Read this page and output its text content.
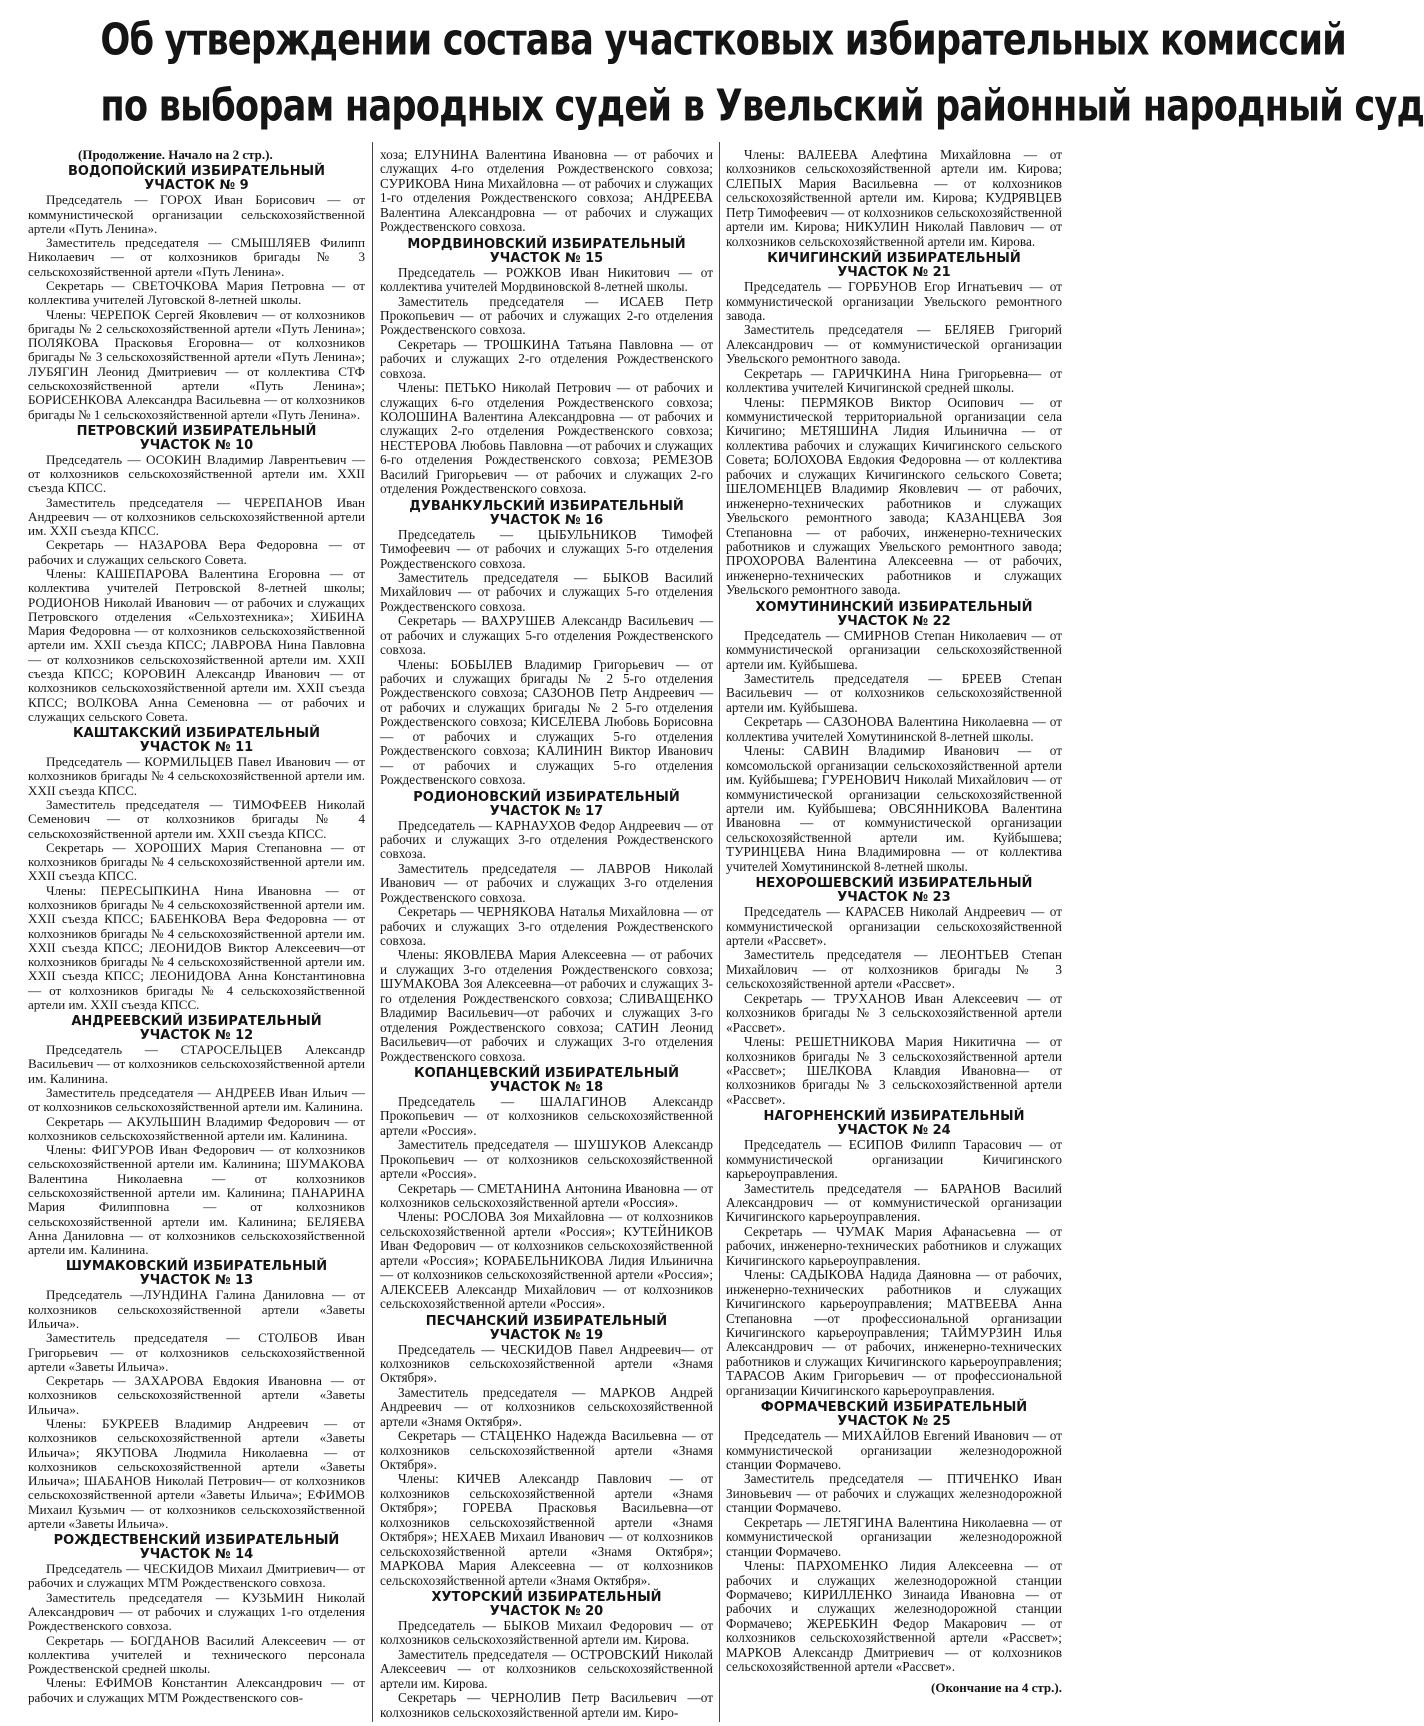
Об утверждении состава участковых избирательных комиссий
по выборам народных судей в Увельский районный народный суд
(Продолжение. Начало на 2 стр.).
ВОДОПОЙСКИЙ ИЗБИРАТЕЛЬНЫЙ
УЧАСТОК № 9

Председатель — ГОРОХ Иван Борисович — от коммунистической организации сельскохозяйственной артели «Путь Ленина».

Заместитель председателя — СМЫШЛЯЕВ Филипп Николаевич — от колхозников бригады № 3 сельскохозяйственной артели «Путь Ленина».

Секретарь — СВЕТОЧКОВА Мария Петровна — от коллектива учителей Луговской 8-летней школы.

Члены: ЧЕРЕПОК Сергей Яковлевич — от колхозников бригады № 2 сельскохозяйственной артели «Путь Ленина»; ПОЛЯКОВА Прасковья Егоровна— от колхозников бригады № 3 сельскохозяйственной артели «Путь Ленина»; ЛУБЯГИН Леонид Дмитриевич — от коллектива СТФ сельскохозяйственной артели «Путь Ленина»; БОРИСЕНКОВА Александра Васильевна — от колхозников бригады № 1 сельскохозяйственной артели «Путь Ленина».

ПЕТРОВСКИЙ ИЗБИРАТЕЛЬНЫЙ
УЧАСТОК № 10

Председатель — ОСОКИН Владимир Лаврентьевич — от колхозников сельскохозяйственной артели им. XXII съезда КПСС.

Заместитель председателя — ЧЕРЕПАНОВ Иван Андреевич — от колхозников сельскохозяйственной артели им. XXII съезда КПСС.

Секретарь — НАЗАРОВА Вера Федоровна — от рабочих и служащих сельского Совета.

Члены: КАШЕПАРОВА Валентина Егоровна — от коллектива учителей Петровской 8-летней школы; РОДИОНОВ Николай Иванович — от рабочих и служащих Петровского отделения «Сельхозтехника»; ХИБИНА Мария Федоровна — от колхозников сельскохозяйственной артели им. XXII съезда КПСС; ЛАВРОВА Нина Павловна — от колхозников сельскохозяйственной артели им. XXII съезда КПСС; КОРОВИН Александр Иванович — от колхозников сельскохозяйственной артели им. XXII съезда КПСС; ВОЛКОВА Анна Семеновна — от рабочих и служащих сельского Совета.

КАШТАКСКИЙ ИЗБИРАТЕЛЬНЫЙ
УЧАСТОК № 11

Председатель — КОРМИЛЬЦЕВ Павел Иванович — от колхозников бригады № 4 сельскохозяйственной артели им. XXII съезда КПСС.

Заместитель председателя — ТИМОФЕЕВ Николай Семенович — от колхозников бригады № 4 сельскохозяйственной артели им. XXII съезда КПСС.

Секретарь — ХОРОШИХ Мария Степановна — от колхозников бригады № 4 сельскохозяйственной артели им. XXII съезда КПСС.

Члены: ПЕРЕСЫПКИНА Нина Ивановна — от колхозников бригады № 4 сельскохозяйственной артели им. XXII съезда КПСС; БАБЕНКОВА Вера Федоровна — от колхозников бригады № 4 сельскохозяйственной артели им. XXII съезда КПСС; ЛЕОНИДОВ Виктор Алексеевич—от колхозников бригады № 4 сельскохозяйственной артели им. XXII съезда КПСС; ЛЕОНИДОВА Анна Константиновна — от колхозников бригады № 4 сельскохозяйственной артели им. XXII съезда КПСС.

АНДРЕЕВСКИЙ ИЗБИРАТЕЛЬНЫЙ
УЧАСТОК № 12

Председатель — СТАРОСЕЛЬЦЕВ Александр Васильевич — от колхозников сельскохозяйственной артели им. Калинина.

Заместитель председателя — АНДРЕЕВ Иван Ильич — от колхозников сельскохозяйственной артели им. Калинина.

Секретарь — АКУЛЬШИН Владимир Федорович — от колхозников сельскохозяйственной артели им. Калинина.

Члены: ФИГУРОВ Иван Федорович — от колхозников сельскохозяйственной артели им. Калинина; ШУМАКОВА Валентина Николаевна — от колхозников сельскохозяйственной артели им. Калинина; ПАНАРИНА Мария Филипповна — от колхозников сельскохозяйственной артели им. Калинина; БЕЛЯЕВА Анна Даниловна — от колхозников сельскохозяйственной артели им. Калинина.

ШУМАКОВСКИЙ ИЗБИРАТЕЛЬНЫЙ
УЧАСТОК № 13

Председатель —ЛУНДИНА Галина Даниловна — от колхозников сельскохозяйственной артели «Заветы Ильича».

Заместитель председателя — СТОЛБОВ Иван Григорьевич — от колхозников сельскохозяйственной артели «Заветы Ильича».

Секретарь — ЗАХАРОВА Евдокия Ивановна — от колхозников сельскохозяйственной артели «Заветы Ильича».

Члены: БУКРЕЕВ Владимир Андреевич — от колхозников сельскохозяйственной артели «Заветы Ильича»; ЯКУПОВА Людмила Николаевна — от колхозников сельскохозяйственной артели «Заветы Ильича»; ШАБАНОВ Николай Петрович— от колхозников сельскохозяйственной артели «Заветы Ильича»; ЕФИМОВ Михаил Кузьмич — от колхозников сельскохозяйственной артели «Заветы Ильича».

РОЖДЕСТВЕНСКИЙ ИЗБИРАТЕЛЬНЫЙ
УЧАСТОК № 14

Председатель — ЧЕСКИДОВ Михаил Дмитриевич— от рабочих и служащих МТМ Рождественского совхоза.

Заместитель председателя — КУЗЬМИН Николай Александрович — от рабочих и служащих 1-го отделения Рождественского совхоза.

Секретарь — БОГДАНОВ Василий Алексеевич — от коллектива учителей и технического персонала Рождественской средней школы.

Члены: ЕФИМОВ Константин Александрович — от рабочих и служащих МТМ Рождественского сов-

хоза; ЕЛУНИНА Валентина Ивановна — от рабочих и служащих 4-го отделения Рождественского совхоза; СУРИКОВА Нина Михайловна — от рабочих и служащих 1-го отделения Рождественского совхоза; АНДРЕЕВА Валентина Александровна — от рабочих и служащих Рождественского совхоза.

МОРДВИНОВСКИЙ ИЗБИРАТЕЛЬНЫЙ
УЧАСТОК № 15

Председатель — РОЖКОВ Иван Никитович — от коллектива учителей Мордвиновской 8-летней школы.

Заместитель председателя — ИСАЕВ Петр Прокопьевич — от рабочих и служащих 2-го отделения Рождественского совхоза.

Секретарь — ТРОШКИНА Татьяна Павловна — от рабочих и служащих 2-го отделения Рождественского совхоза.

Члены: ПЕТЬКО Николай Петрович — от рабочих и служащих 6-го отделения Рождественского совхоза; КОЛОШИНА Валентина Александровна — от рабочих и служащих 2-го отделения Рождественского совхоза; НЕСТЕРОВА Любовь Павловна —от рабочих и служащих 6-го отделения Рождественского совхоза; РЕМЕЗОВ Василий Григорьевич — от рабочих и служащих 2-го отделения Рождественского совхоза.

ДУВАНКУЛЬСКИЙ ИЗБИРАТЕЛЬНЫЙ
УЧАСТОК № 16

Председатель — ЦЫБУЛЬНИКОВ Тимофей Тимофеевич — от рабочих и служащих 5-го отделения Рождественского совхоза.

Заместитель председателя — БЫКОВ Василий Михайлович — от рабочих и служащих 5-го отделения Рождественского совхоза.

Секретарь — ВАХРУШЕВ Александр Васильевич — от рабочих и служащих 5-го отделения Рождественского совхоза.

Члены: БОБЫЛЕВ Владимир Григорьевич — от рабочих и служащих бригады № 2 5-го отделения Рождественского совхоза; САЗОНОВ Петр Андреевич — от рабочих и служащих бригады № 2 5-го отделения Рождественского совхоза; КИСЕЛЕВА Любовь Борисовна — от рабочих и служащих 5-го отделения Рождественского совхоза; КАЛИНИН Виктор Иванович — от рабочих и служащих 5-го отделения Рождественского совхоза.

РОДИОНОВСКИЙ ИЗБИРАТЕЛЬНЫЙ
УЧАСТОК № 17

Председатель — КАРНАУХОВ Федор Андреевич — от рабочих и служащих 3-го отделения Рождественского совхоза.

Заместитель председателя — ЛАВРОВ Николай Иванович — от рабочих и служащих 3-го отделения Рождественского совхоза.

Секретарь — ЧЕРНЯКОВА Наталья Михайловна — от рабочих и служащих 3-го отделения Рождественского совхоза.

Члены: ЯКОВЛЕВА Мария Алексеевна — от рабочих и служащих 3-го отделения Рождественского совхоза; ШУМАКОВА Зоя Алексеевна—от рабочих и служащих 3-го отделения Рождественского совхоза; СЛИВАЩЕНКО Владимир Васильевич—от рабочих и служащих 3-го отделения Рождественского совхоза; САТИН Леонид Васильевич—от рабочих и служащих 3-го отделения Рождественского совхоза.

КОПАНЦЕВСКИЙ ИЗБИРАТЕЛЬНЫЙ
УЧАСТОК № 18

Председатель — ШАЛАГИНОВ Александр Прокопьевич — от колхозников сельскохозяйственной артели «Россия».

Заместитель председателя — ШУШУКОВ Александр Прокопьевич — от колхозников сельскохозяйственной артели «Россия».

Секретарь — СМЕТАНИНА Антонина Ивановна — от колхозников сельскохозяйственной артели «Россия».

Члены: РОСЛОВА Зоя Михайловна — от колхозников сельскохозяйственной артели «Россия»; КУТЕЙНИКОВ Иван Федорович — от колхозников сельскохозяйственной артели «Россия»; КОРАБЕЛЬНИКОВА Лидия Ильинична — от колхозников сельскохозяйственной артели «Россия»; АЛЕКСЕЕВ Александр Михайлович — от колхозников сельскохозяйственной артели «Россия».

ПЕСЧАНСКИЙ ИЗБИРАТЕЛЬНЫЙ
УЧАСТОК № 19

Председатель — ЧЕСКИДОВ Павел Андреевич— от колхозников сельскохозяйственной артели «Знамя Октября».

Заместитель председателя — МАРКОВ Андрей Андреевич — от колхозников сельскохозяйственной артели «Знамя Октября».

Секретарь — СТАЦЕНКО Надежда Васильевна — от колхозников сельскохозяйственной артели «Знамя Октября».

Члены: КИЧЕВ Александр Павлович — от колхозников сельскохозяйственной артели «Знамя Октября»; ГОРЕВА Прасковья Васильевна—от колхозников сельскохозяйственной артели «Знамя Октября»; НЕХАЕВ Михаил Иванович — от колхозников сельскохозяйственной артели «Знамя Октября»; МАРКОВА Мария Алексеевна — от колхозников сельскохозяйственной артели «Знамя Октября».

ХУТОРСКИЙ ИЗБИРАТЕЛЬНЫЙ
УЧАСТОК № 20

Председатель — БЫКОВ Михаил Федорович — от колхозников сельскохозяйственной артели им. Кирова.

Заместитель председателя — ОСТРОВСКИЙ Николай Алексеевич — от колхозников сельскохозяйственной артели им. Кирова.

Секретарь — ЧЕРНОЛИВ Петр Васильевич —от колхозников сельскохозяйственной артели им. Киро-

Члены: ВАЛЕЕВА Алефтина Михайловна — от колхозников сельскохозяйственной артели им. Кирова; СЛЕПЫХ Мария Васильевна — от колхозников сельскохозяйственной артели им. Кирова; КУДРЯВЦЕВ Петр Тимофеевич — от колхозников сельскохозяйственной артели им. Кирова; НИКУЛИН Николай Павлович — от колхозников сельскохозяйственной артели им. Кирова.

КИЧИГИНСКИЙ ИЗБИРАТЕЛЬНЫЙ
УЧАСТОК № 21

Председатель — ГОРБУНОВ Егор Игнатьевич — от коммунистической организации Увельского ремонтного завода.

Заместитель председателя — БЕЛЯЕВ Григорий Александрович — от коммунистической организации Увельского ремонтного завода.

Секретарь — ГАРИЧКИНА Нина Григорьевна— от коллектива учителей Кичигинской средней школы.

Члены: ПЕРМЯКОВ Виктор Осипович — от коммунистической территориальной организации села Кичигино; МЕТЯШИНА Лидия Ильинична — от коллектива рабочих и служащих Кичигинского сельского Совета; БОЛОХОВА Евдокия Федоровна — от коллектива рабочих и служащих Кичигинского сельского Совета; ШЕЛОМЕНЦЕВ Владимир Яковлевич — от рабочих, инженерно-технических работников и служащих Увельского ремонтного завода; КАЗАНЦЕВА Зоя Степановна — от рабочих, инженерно-технических работников и служащих Увельского ремонтного завода; ПРОХОРОВА Валентина Алексеевна — от рабочих, инженерно-технических работников и служащих Увельского ремонтного завода.

ХОМУТИНИНСКИЙ ИЗБИРАТЕЛЬНЫЙ
УЧАСТОК № 22

Председатель — СМИРНОВ Степан Николаевич — от коммунистической организации сельскохозяйственной артели им. Куйбышева.

Заместитель председателя — БРЕЕВ Степан Васильевич — от колхозников сельскохозяйственной артели им. Куйбышева.

Секретарь — САЗОНОВА Валентина Николаевна — от коллектива учителей Хомутининской 8-летней школы.

Члены: САВИН Владимир Иванович — от комсомольской организации сельскохозяйственной артели им. Куйбышева; ГУРЕНОВИЧ Николай Михайлович — от коммунистической организации сельскохозяйственной артели им. Куйбышева; ОВСЯННИКОВА Валентина Ивановна — от коммунистической организации сельскохозяйственной артели им. Куйбышева; ТУРИНЦЕВА Нина Владимировна — от коллектива учителей Хомутининской 8-летней школы.

НЕХОРОШЕВСКИЙ ИЗБИРАТЕЛЬНЫЙ
УЧАСТОК № 23

Председатель — КАРАСЕВ Николай Андреевич — от коммунистической организации сельскохозяйственной артели «Рассвет».

Заместитель председателя — ЛЕОНТЬЕВ Степан Михайлович — от колхозников бригады № 3 сельскохозяйственной артели «Рассвет».

Секретарь — ТРУХАНОВ Иван Алексеевич — от колхозников бригады № 3 сельскохозяйственной артели «Рассвет».

Члены: РЕШЕТНИКОВА Мария Никитична — от колхозников бригады № 3 сельскохозяйственной артели «Рассвет»; ШЕЛКОВА Клавдия Ивановна— от колхозников бригады № 3 сельскохозяйственной артели «Рассвет».

НАГОРНЕНСКИЙ ИЗБИРАТЕЛЬНЫЙ
УЧАСТОК № 24

Председатель — ЕСИПОВ Филипп Тарасович — от коммунистической организации Кичигинского карьероуправления.

Заместитель председателя — БАРАНОВ Василий Александрович — от коммунистической организации Кичигинского карьероуправления.

Секретарь — ЧУМАК Мария Афанасьевна — от рабочих, инженерно-технических работников и служащих Кичигинского карьероуправления.

Члены: САДЫКОВА Надида Даяновна — от рабочих, инженерно-технических работников и служащих Кичигинского карьероуправления; МАТВЕЕВА Анна Степановна —от профессиональной организации Кичигинского карьероуправления; ТАЙМУРЗИН Илья Александрович — от рабочих, инженерно-технических работников и служащих Кичигинского карьероуправления; ТАРАСОВ Аким Григорьевич — от профессиональной организации Кичигинского карьероуправления.

ФОРМАЧЕВСКИЙ ИЗБИРАТЕЛЬНЫЙ
УЧАСТОК № 25

Председатель — МИХАЙЛОВ Евгений Иванович — от коммунистической организации железнодорожной станции Формачево.

Заместитель председателя — ПТИЧЕНКО Иван Зиновьевич — от рабочих и служащих железнодорожной станции Формачево.

Секретарь — ЛЕТЯГИНА Валентина Николаевна — от коммунистической организации железнодорожной станции Формачево.

Члены: ПАРХОМЕНКО Лидия Алексеевна — от рабочих и служащих железнодорожной станции Формачево; КИРИЛЛЕНКО Зинаида Ивановна — от рабочих и служащих железнодорожной станции Формачево; ЖЕРЕБКИН Федор Макарович — от колхозников сельскохозяйственной артели «Рассвет»; МАРКОВ Александр Дмитриевич — от колхозников сельскохозяйственной артели «Рассвет».

(Окончание на 4 стр.).
